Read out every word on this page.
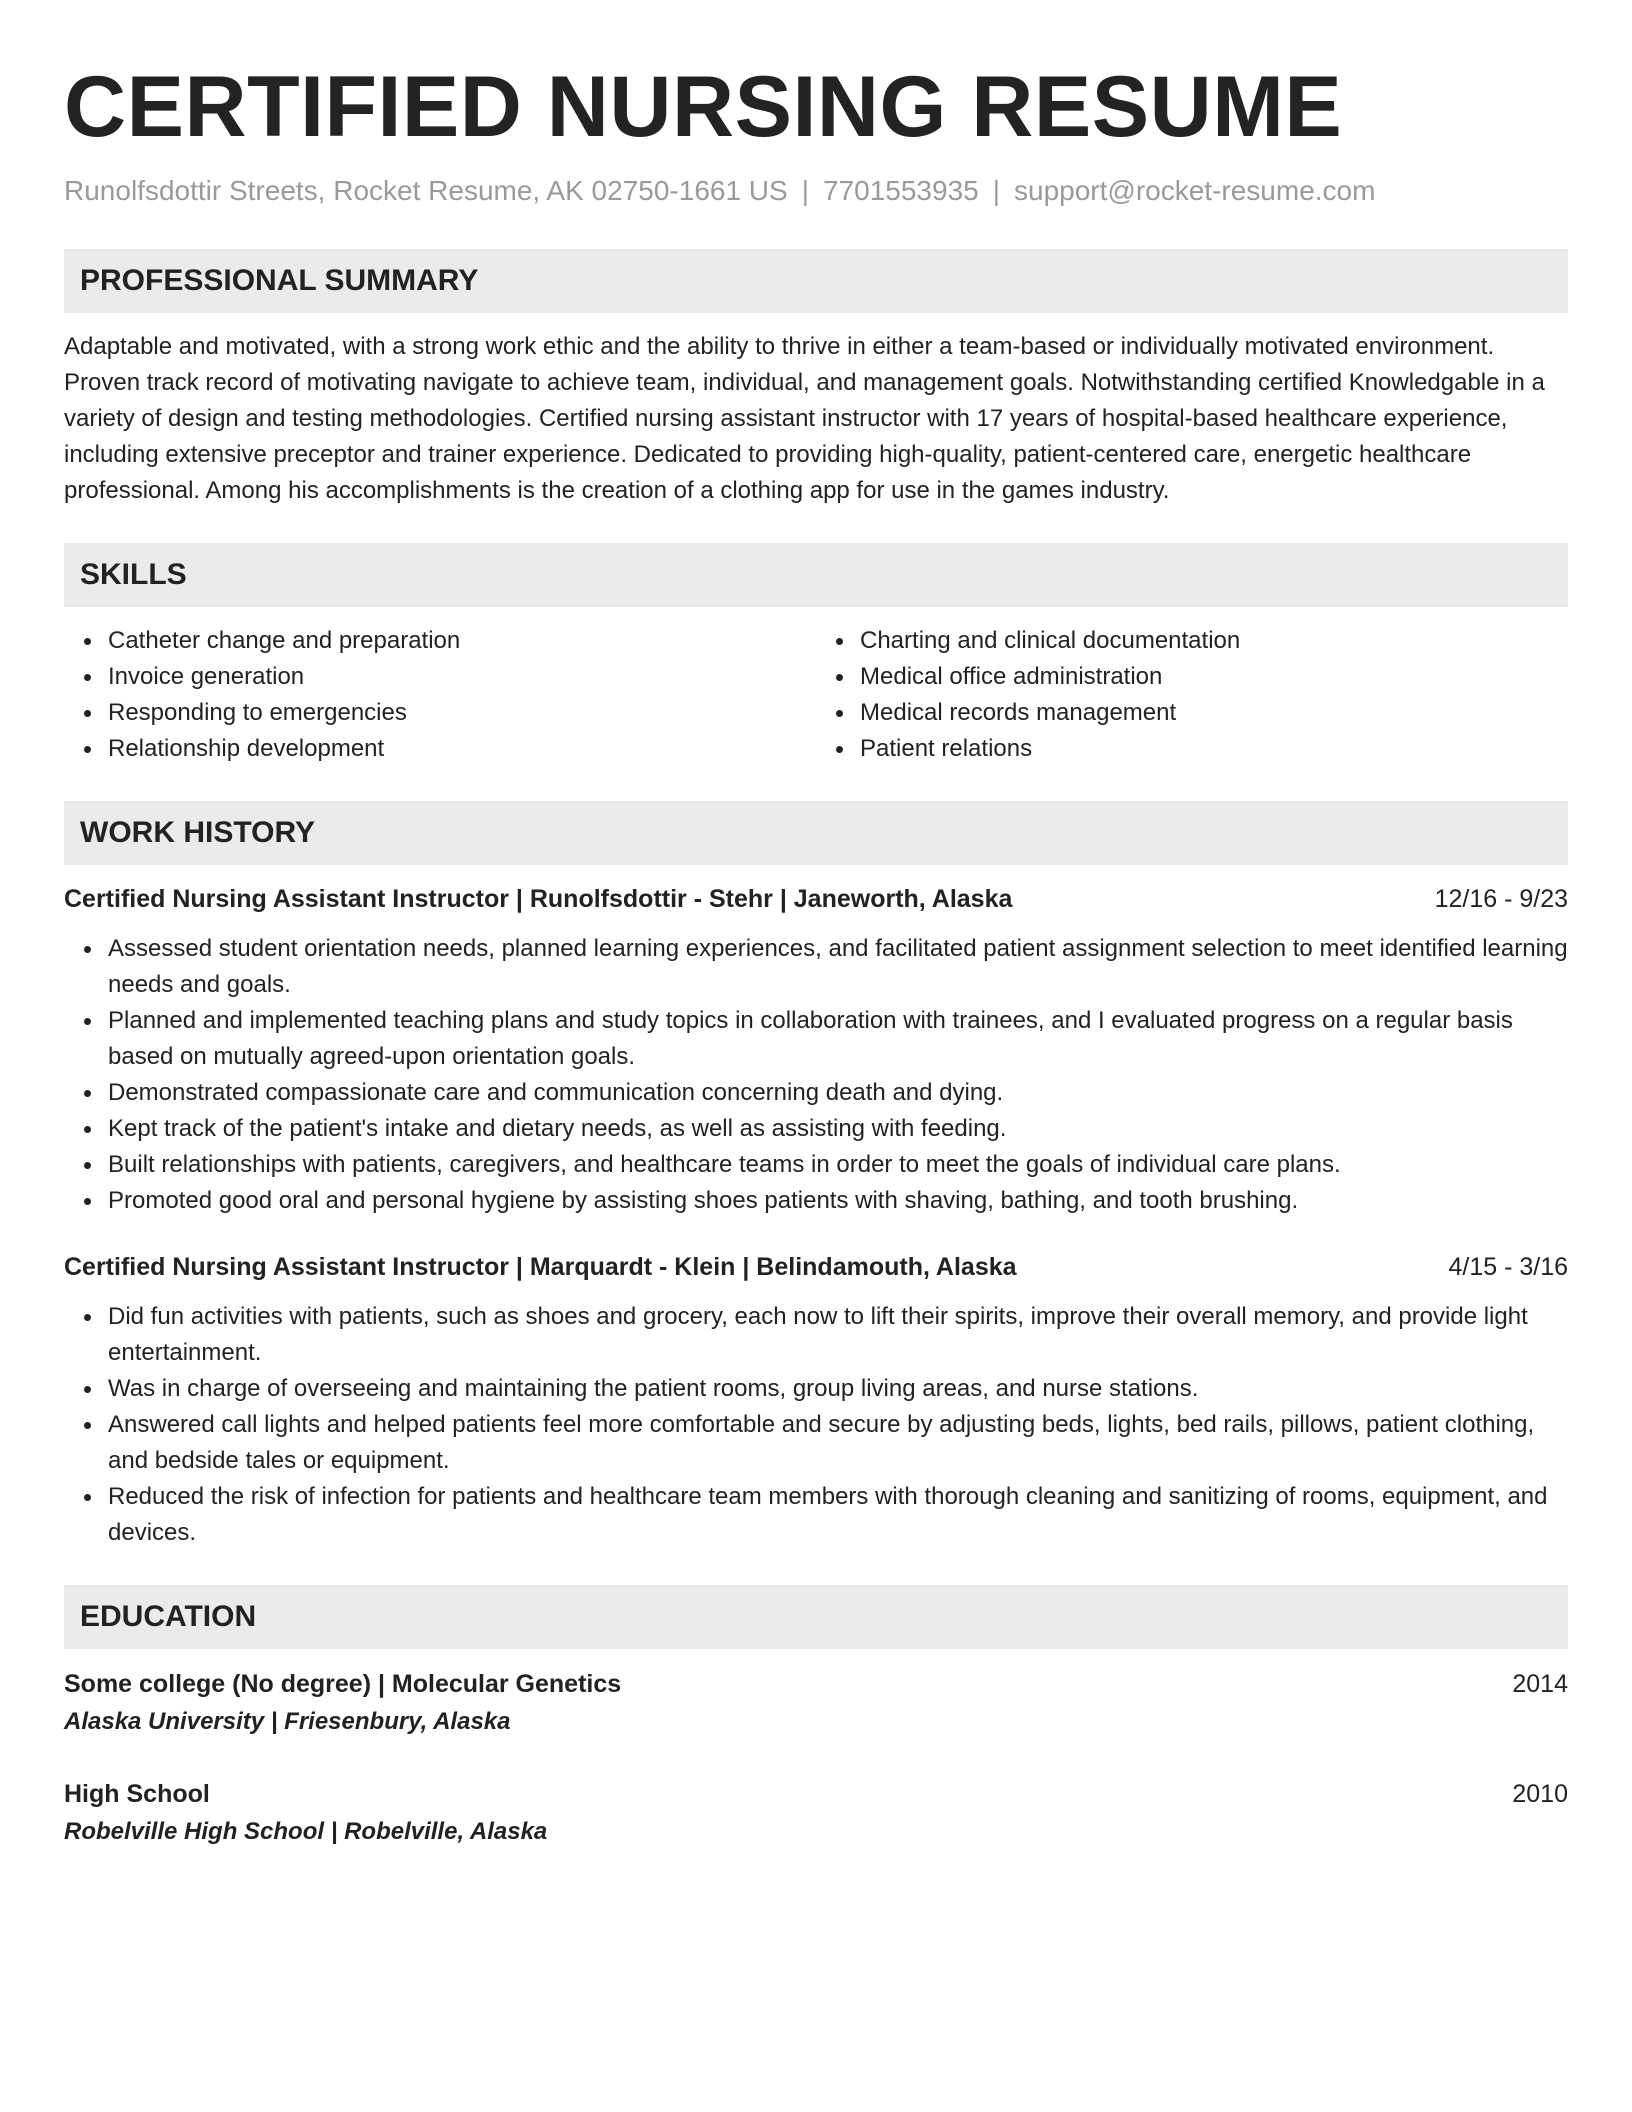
CERTIFIED NURSING RESUME
Runolfsdottir Streets, Rocket Resume, AK 02750-1661 US | 7701553935 | support@rocket-resume.com
PROFESSIONAL SUMMARY

Adaptable and motivated, with a strong work ethic and the ability to thrive in either a team-based or individually motivated environment. Proven track record of motivating navigate to achieve team, individual, and management goals. Notwithstanding certified Knowledgable in a variety of design and testing methodologies. Certified nursing assistant instructor with 17 years of hospital-based healthcare experience, including extensive preceptor and trainer experience. Dedicated to providing high-quality, patient-centered care, energetic healthcare professional. Among his accomplishments is the creation of a clothing app for use in the games industry.

SKILLS
Catheter change and preparation
Invoice generation
Responding to emergencies
Relationship development
Charting and clinical documentation
Medical office administration
Medical records management
Patient relations
WORK HISTORY
Certified Nursing Assistant Instructor | Runolfsdottir - Stehr | Janeworth, Alaska	12/16 - 9/23
Assessed student orientation needs, planned learning experiences, and facilitated patient assignment selection to meet identified learning needs and goals.
Planned and implemented teaching plans and study topics in collaboration with trainees, and I evaluated progress on a regular basis based on mutually agreed-upon orientation goals.
Demonstrated compassionate care and communication concerning death and dying.
Kept track of the patient's intake and dietary needs, as well as assisting with feeding.
Built relationships with patients, caregivers, and healthcare teams in order to meet the goals of individual care plans.
Promoted good oral and personal hygiene by assisting shoes patients with shaving, bathing, and tooth brushing.
Certified Nursing Assistant Instructor | Marquardt - Klein | Belindamouth, Alaska	4/15 - 3/16
Did fun activities with patients, such as shoes and grocery, each now to lift their spirits, improve their overall memory, and provide light entertainment.
Was in charge of overseeing and maintaining the patient rooms, group living areas, and nurse stations.
Answered call lights and helped patients feel more comfortable and secure by adjusting beds, lights, bed rails, pillows, patient clothing, and bedside tales or equipment.
Reduced the risk of infection for patients and healthcare team members with thorough cleaning and sanitizing of rooms, equipment, and devices.
EDUCATION
Some college (No degree) | Molecular Genetics	2014
Alaska University | Friesenbury, Alaska
High School	2010
Robelville High School | Robelville, Alaska
